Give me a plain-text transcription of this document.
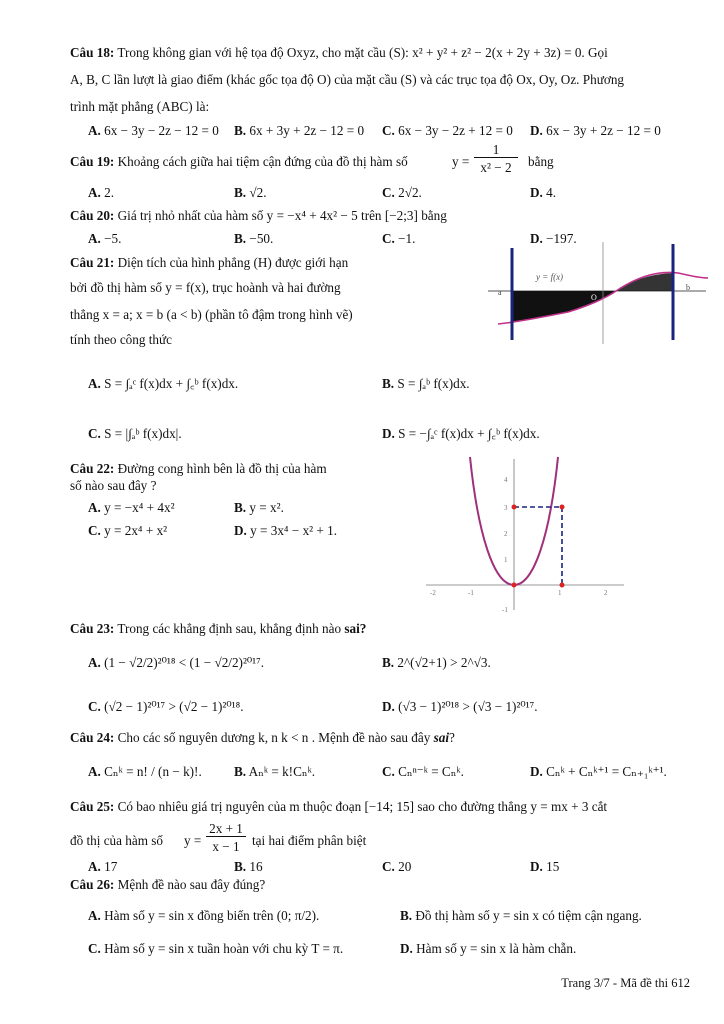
Câu 18: Trong không gian với hệ tọa độ Oxyz, cho mặt cầu (S): x² + y² + z² − 2(x + 2y + 3z) = 0. Gọi
A, B, C lần lượt là giao điểm (khác gốc tọa độ O) của mặt cầu (S) và các trục tọa độ Ox, Oy, Oz. Phương
trình mặt phẳng (ABC) là:
A. 6x − 3y − 2z − 12 = 0 B. 6x + 3y + 2z − 12 = 0 C. 6x − 3y − 2z + 12 = 0 D. 6x − 3y + 2z − 12 = 0
Câu 19: Khoảng cách giữa hai tiệm cận đứng của đồ thị hàm số	y =
1
x² − 2	bằng
A. 2.	B. √2.	C. 2√2.	D. 4.
Câu 20: Giá trị nhỏ nhất của hàm số y = −x⁴ + 4x² − 5 trên [−2;3] bằng
A. −5.	B. −50.	C. −1.	D. −197.
Câu 21: Diện tích của hình phẳng (H) được giới hạn
bởi đồ thị hàm số y = f(x), trục hoành và hai đường
thẳng x = a; x = b (a < b) (phần tô đậm trong hình vẽ)
tính theo công thức
y = f(x)
a
c
O
b
A. S = ∫ₐᶜ f(x)dx + ∫꜀ᵇ f(x)dx.	B. S = ∫ₐᵇ f(x)dx.
C. S = |∫ₐᵇ f(x)dx|.	D. S = −∫ₐᶜ f(x)dx + ∫꜀ᵇ f(x)dx.
Câu 22: Đường cong hình bên là đồ thị của hàm
số nào sau đây ?
A. y = −x⁴ + 4x²	B. y = x².
C. y = 2x⁴ + x²	D. y = 3x⁴ − x² + 1.
4
3
2
1
-1
-2	-1	1	2
Câu 23: Trong các khẳng định sau, khẳng định nào sai?
A. (1 − √2/2)²⁰¹⁸ < (1 − √2/2)²⁰¹⁷.	B. 2^(√2+1) > 2^√3.
C. (√2 − 1)²⁰¹⁷ > (√2 − 1)²⁰¹⁸.	D. (√3 − 1)²⁰¹⁸ > (√3 − 1)²⁰¹⁷.
Câu 24: Cho các số nguyên dương k, n k < n . Mệnh đề nào sau đây sai?
A. Cₙᵏ = n! / (n − k)!. B. Aₙᵏ = k!Cₙᵏ.	C. Cₙⁿ⁻ᵏ = Cₙᵏ.	D. Cₙᵏ + Cₙᵏ⁺¹ = Cₙ₊₁ᵏ⁺¹.
Câu 25: Có bao nhiêu giá trị nguyên của m thuộc đoạn [−14; 15] sao cho đường thẳng y = mx + 3 cắt
đồ thị của hàm số y =
2x + 1
x − 1 tại hai điểm phân biệt
A. 17	B. 16	C. 20	D. 15
Câu 26: Mệnh đề nào sau đây đúng?
A. Hàm số y = sin x đồng biến trên (0; π/2).	B. Đồ thị hàm số y = sin x có tiệm cận ngang.
C. Hàm số y = sin x tuần hoàn với chu kỳ T = π.	D. Hàm số y = sin x là hàm chẵn.
Trang 3/7 - Mã đề thi 612
